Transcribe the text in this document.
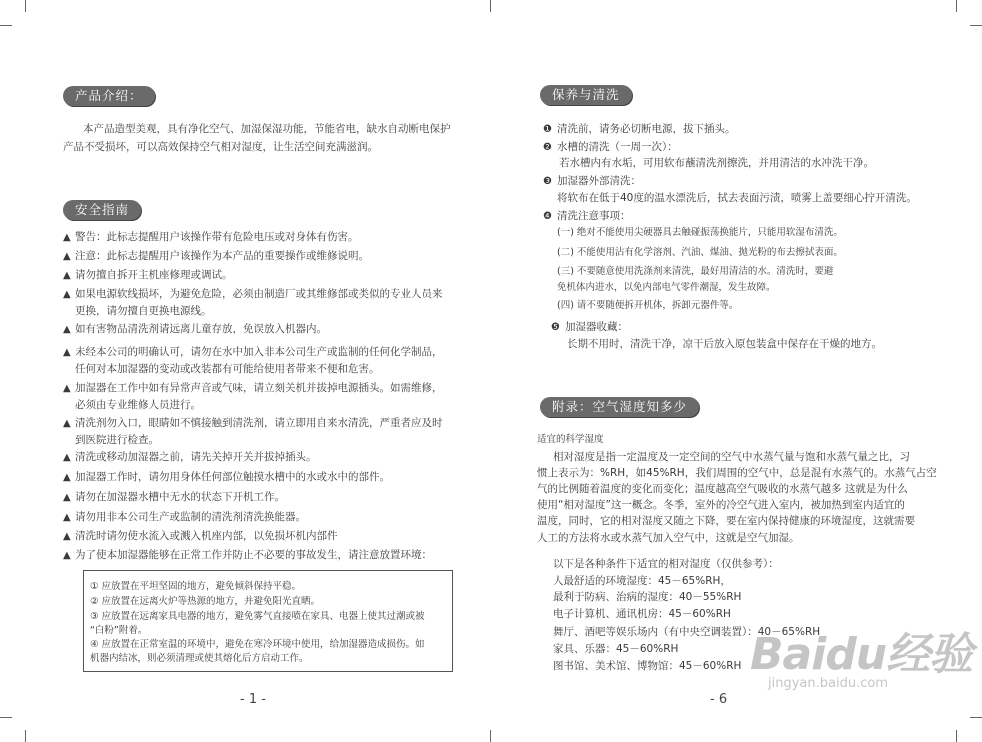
产品介绍：
本产品造型美观，具有净化空气、加湿保湿功能，节能省电，缺水自动断电保护
产品不受损坏，可以高效保持空气相对湿度，让生活空间充满滋润。
安全指南
▲ 警告：此标志提醒用户该操作带有危险电压或对身体有伤害。
▲ 注意：此标志提醒用户该操作为本产品的重要操作或维修说明。
▲ 请勿擅自拆开主机座修理或调试。
▲ 如果电源软线损坏，为避免危险，必须由制造厂或其维修部或类似的专业人员来
更换，请勿擅自更换电源线。
▲ 如有害物品清洗剂请远离儿童存放，免误放入机器内。
▲ 未经本公司的明确认可，请勿在水中加入非本公司生产或监制的任何化学制品，
任何对本加湿器的变动或改装都有可能给使用者带来不便和危害。
▲ 加湿器在工作中如有异常声音或气味，请立刻关机并拔掉电源插头。如需维修，
必须由专业维修人员进行。
▲ 清洗剂勿入口，眼睛如不慎接触到清洗剂，请立即用自来水清洗，严重者应及时
到医院进行检查。
▲ 清洗或移动加湿器之前，请先关掉开关并拔掉插头。
▲ 加湿器工作时，请勿用身体任何部位触摸水槽中的水或水中的部件。
▲ 请勿在加湿器水槽中无水的状态下开机工作。
▲ 请勿用非本公司生产或监制的清洗剂清洗换能器。
▲ 清洗时请勿使水流入或溅入机座内部，以免损坏机内部件
▲ 为了使本加湿器能够在正常工作并防止不必要的事故发生，请注意放置环境：
① 应放置在平坦坚固的地方，避免倾斜保持平稳。
② 应放置在远离火炉等热源的地方，并避免阳光直晒。
③ 应放置在远离家具电器的地方，避免雾气直接喷在家具、电器上使其过潮或被
“白粉”附着。
④ 应放置在正常室温的环境中，避免在寒冷环境中使用，给加湿器造成损伤。如
机器内结冰，则必须清理或使其熔化后方启动工作。
- 1 -
保养与清洗
❶ 清洗前，请务必切断电源，拔下插头。
❷ 水槽的清洗（一周一次）：
若水槽内有水垢，可用软布蘸清洗剂擦洗，并用清洁的水冲洗干净。
❸ 加湿器外部清洗：
将软布在低于40度的温水漂洗后，拭去表面污渍，喷雾上盖要细心拧开清洗。
❹ 清洗注意事项：
(一) 绝对不能使用尖硬器具去触碰振荡换能片，只能用软湿布清洗。
(二) 不能使用沾有化学溶剂、汽油、煤油、抛光粉的布去擦拭表面。
(三) 不要随意使用洗涤剂来清洗，最好用清洁的水。清洗时，要避
免机体内进水，以免内部电气零件潮湿，发生故障。
(四) 请不要随便拆开机体，拆卸元器件等。
❺ 加湿器收藏：
长期不用时，清洗干净，凉干后放入原包装盒中保存在干燥的地方。
附录：空气湿度知多少
适宜的科学湿度
相对湿度是指一定温度及一定空间的空气中水蒸气量与饱和水蒸气量之比，习
惯上表示为：%RH，如45%RH，我们周围的空气中，总是混有水蒸气的。水蒸气占空
气的比例随着温度的变化而变化；温度越高空气吸收的水蒸气越多 这就是为什么
使用“相对湿度”这一概念。冬季，室外的冷空气进入室内，被加热到室内适宜的
温度，同时，它的相对湿度又随之下降，要在室内保持健康的环境湿度，这就需要
人工的方法将水或水蒸气加入空气中，这就是空气加湿。
以下是各种条件下适宜的相对湿度（仅供参考）：
人最舒适的环境湿度：45－65%RH，
最利于防病、治病的湿度：40－55%RH
电子计算机、通讯机房：45－60%RH
舞厅、酒吧等娱乐场内（有中央空调装置）：40－65%RH
家具、乐器：45－60%RH
图书馆、美术馆、博物馆：45－60%RH
- 6
Baidu经验
jingyan.baidu.com
